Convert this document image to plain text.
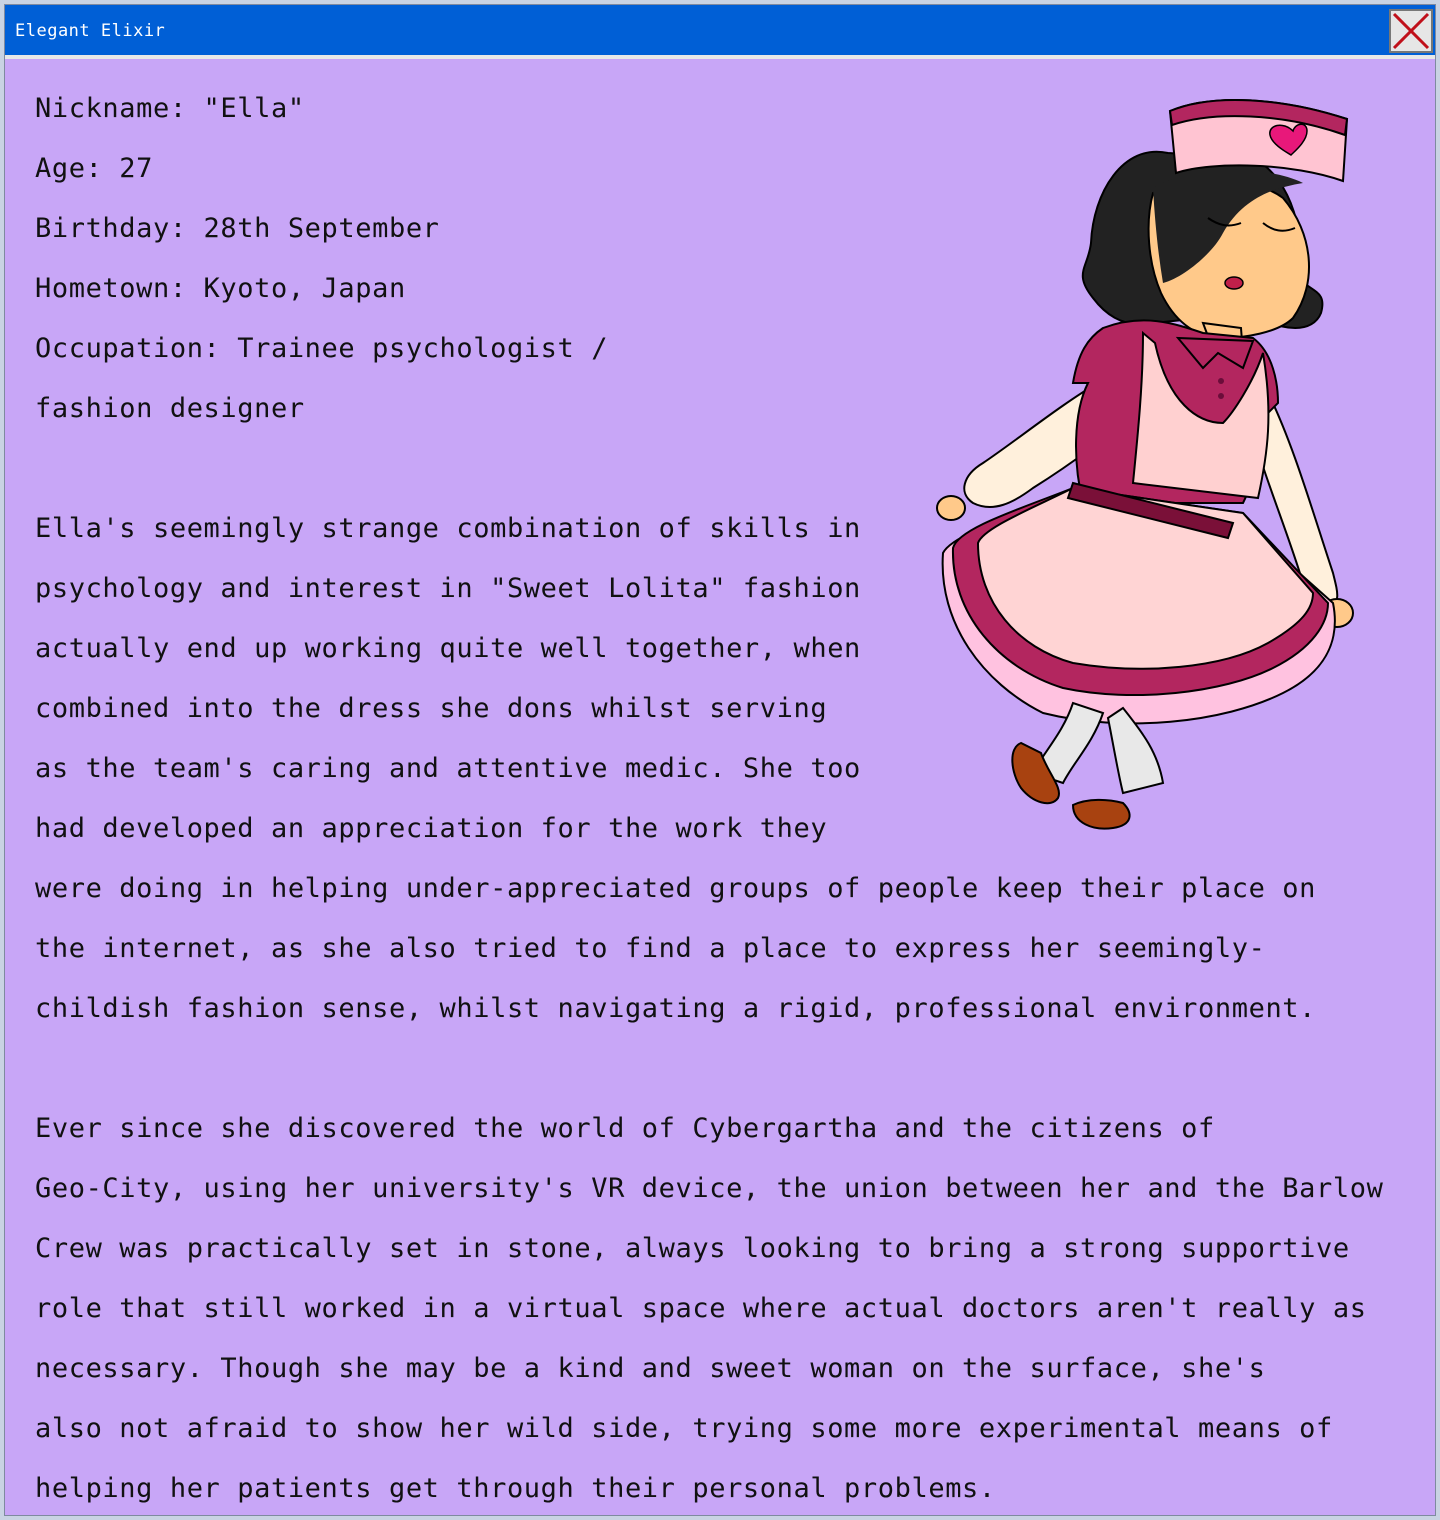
Elegant Elixir
Nickname: "Ella"
Age: 27
Birthday: 28th September
Hometown: Kyoto, Japan
Occupation: Trainee psychologist /
fashion designer
Ella's seemingly strange combination of skills in
psychology and interest in "Sweet Lolita" fashion
actually end up working quite well together, when
combined into the dress she dons whilst serving
as the team's caring and attentive medic. She too
had developed an appreciation for the work they
were doing in helping under-appreciated groups of people keep their place on
the internet, as she also tried to find a place to express her seemingly-
childish fashion sense, whilst navigating a rigid, professional environment.
Ever since she discovered the world of Cybergartha and the citizens of
Geo-City, using her university's VR device, the union between her and the Barlow
Crew was practically set in stone, always looking to bring a strong supportive
role that still worked in a virtual space where actual doctors aren't really as
necessary. Though she may be a kind and sweet woman on the surface, she's
also not afraid to show her wild side, trying some more experimental means of
helping her patients get through their personal problems.
